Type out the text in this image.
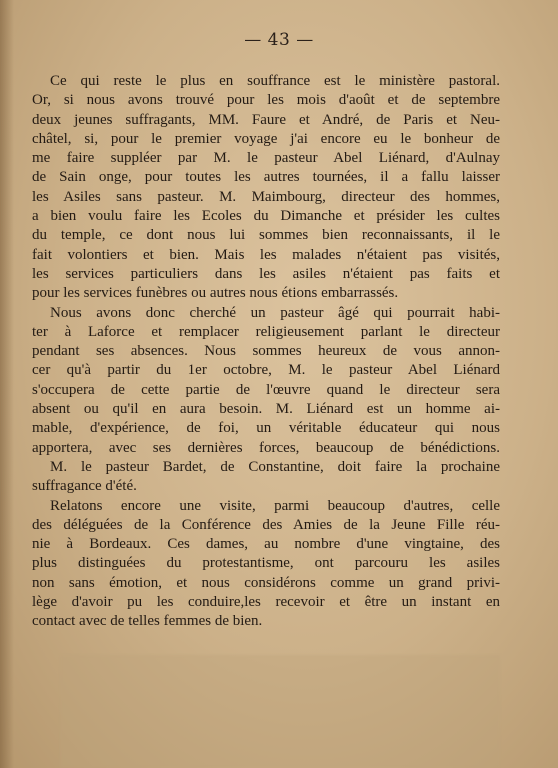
— 43 —
Ce qui reste le plus en souffrance est le ministère pastoral.
Or, si nous avons trouvé pour les mois d'août et de septembre
deux jeunes suffragants, MM. Faure et André, de Paris et Neu-
châtel, si, pour le premier voyage j'ai encore eu le bonheur de
me faire suppléer par M. le pasteur Abel Liénard, d'Aulnay
de Sain onge, pour toutes les autres tournées, il a fallu laisser
les Asiles sans pasteur. M. Maimbourg, directeur des hommes,
a bien voulu faire les Ecoles du Dimanche et présider les cultes
du temple, ce dont nous lui sommes bien reconnaissants, il le
fait volontiers et bien. Mais les malades n'étaient pas visités,
les services particuliers dans les asiles n'étaient pas faits et
pour les services funèbres ou autres nous étions embarrassés.
Nous avons donc cherché un pasteur âgé qui pourrait habi-
ter à Laforce et remplacer religieusement parlant le directeur
pendant ses absences. Nous sommes heureux de vous annon-
cer qu'à partir du 1er octobre, M. le pasteur Abel Liénard
s'occupera de cette partie de l'œuvre quand le directeur sera
absent ou qu'il en aura besoin. M. Liénard est un homme ai-
mable, d'expérience, de foi, un véritable éducateur qui nous
apportera, avec ses dernières forces, beaucoup de bénédictions.
M. le pasteur Bardet, de Constantine, doit faire la prochaine
suffragance d'été.
Relatons encore une visite, parmi beaucoup d'autres, celle
des déléguées de la Conférence des Amies de la Jeune Fille réu-
nie à Bordeaux. Ces dames, au nombre d'une vingtaine, des
plus distinguées du protestantisme, ont parcouru les asiles
non sans émotion, et nous considérons comme un grand privi-
lège d'avoir pu les conduire,les recevoir et être un instant en
contact avec de telles femmes de bien.
